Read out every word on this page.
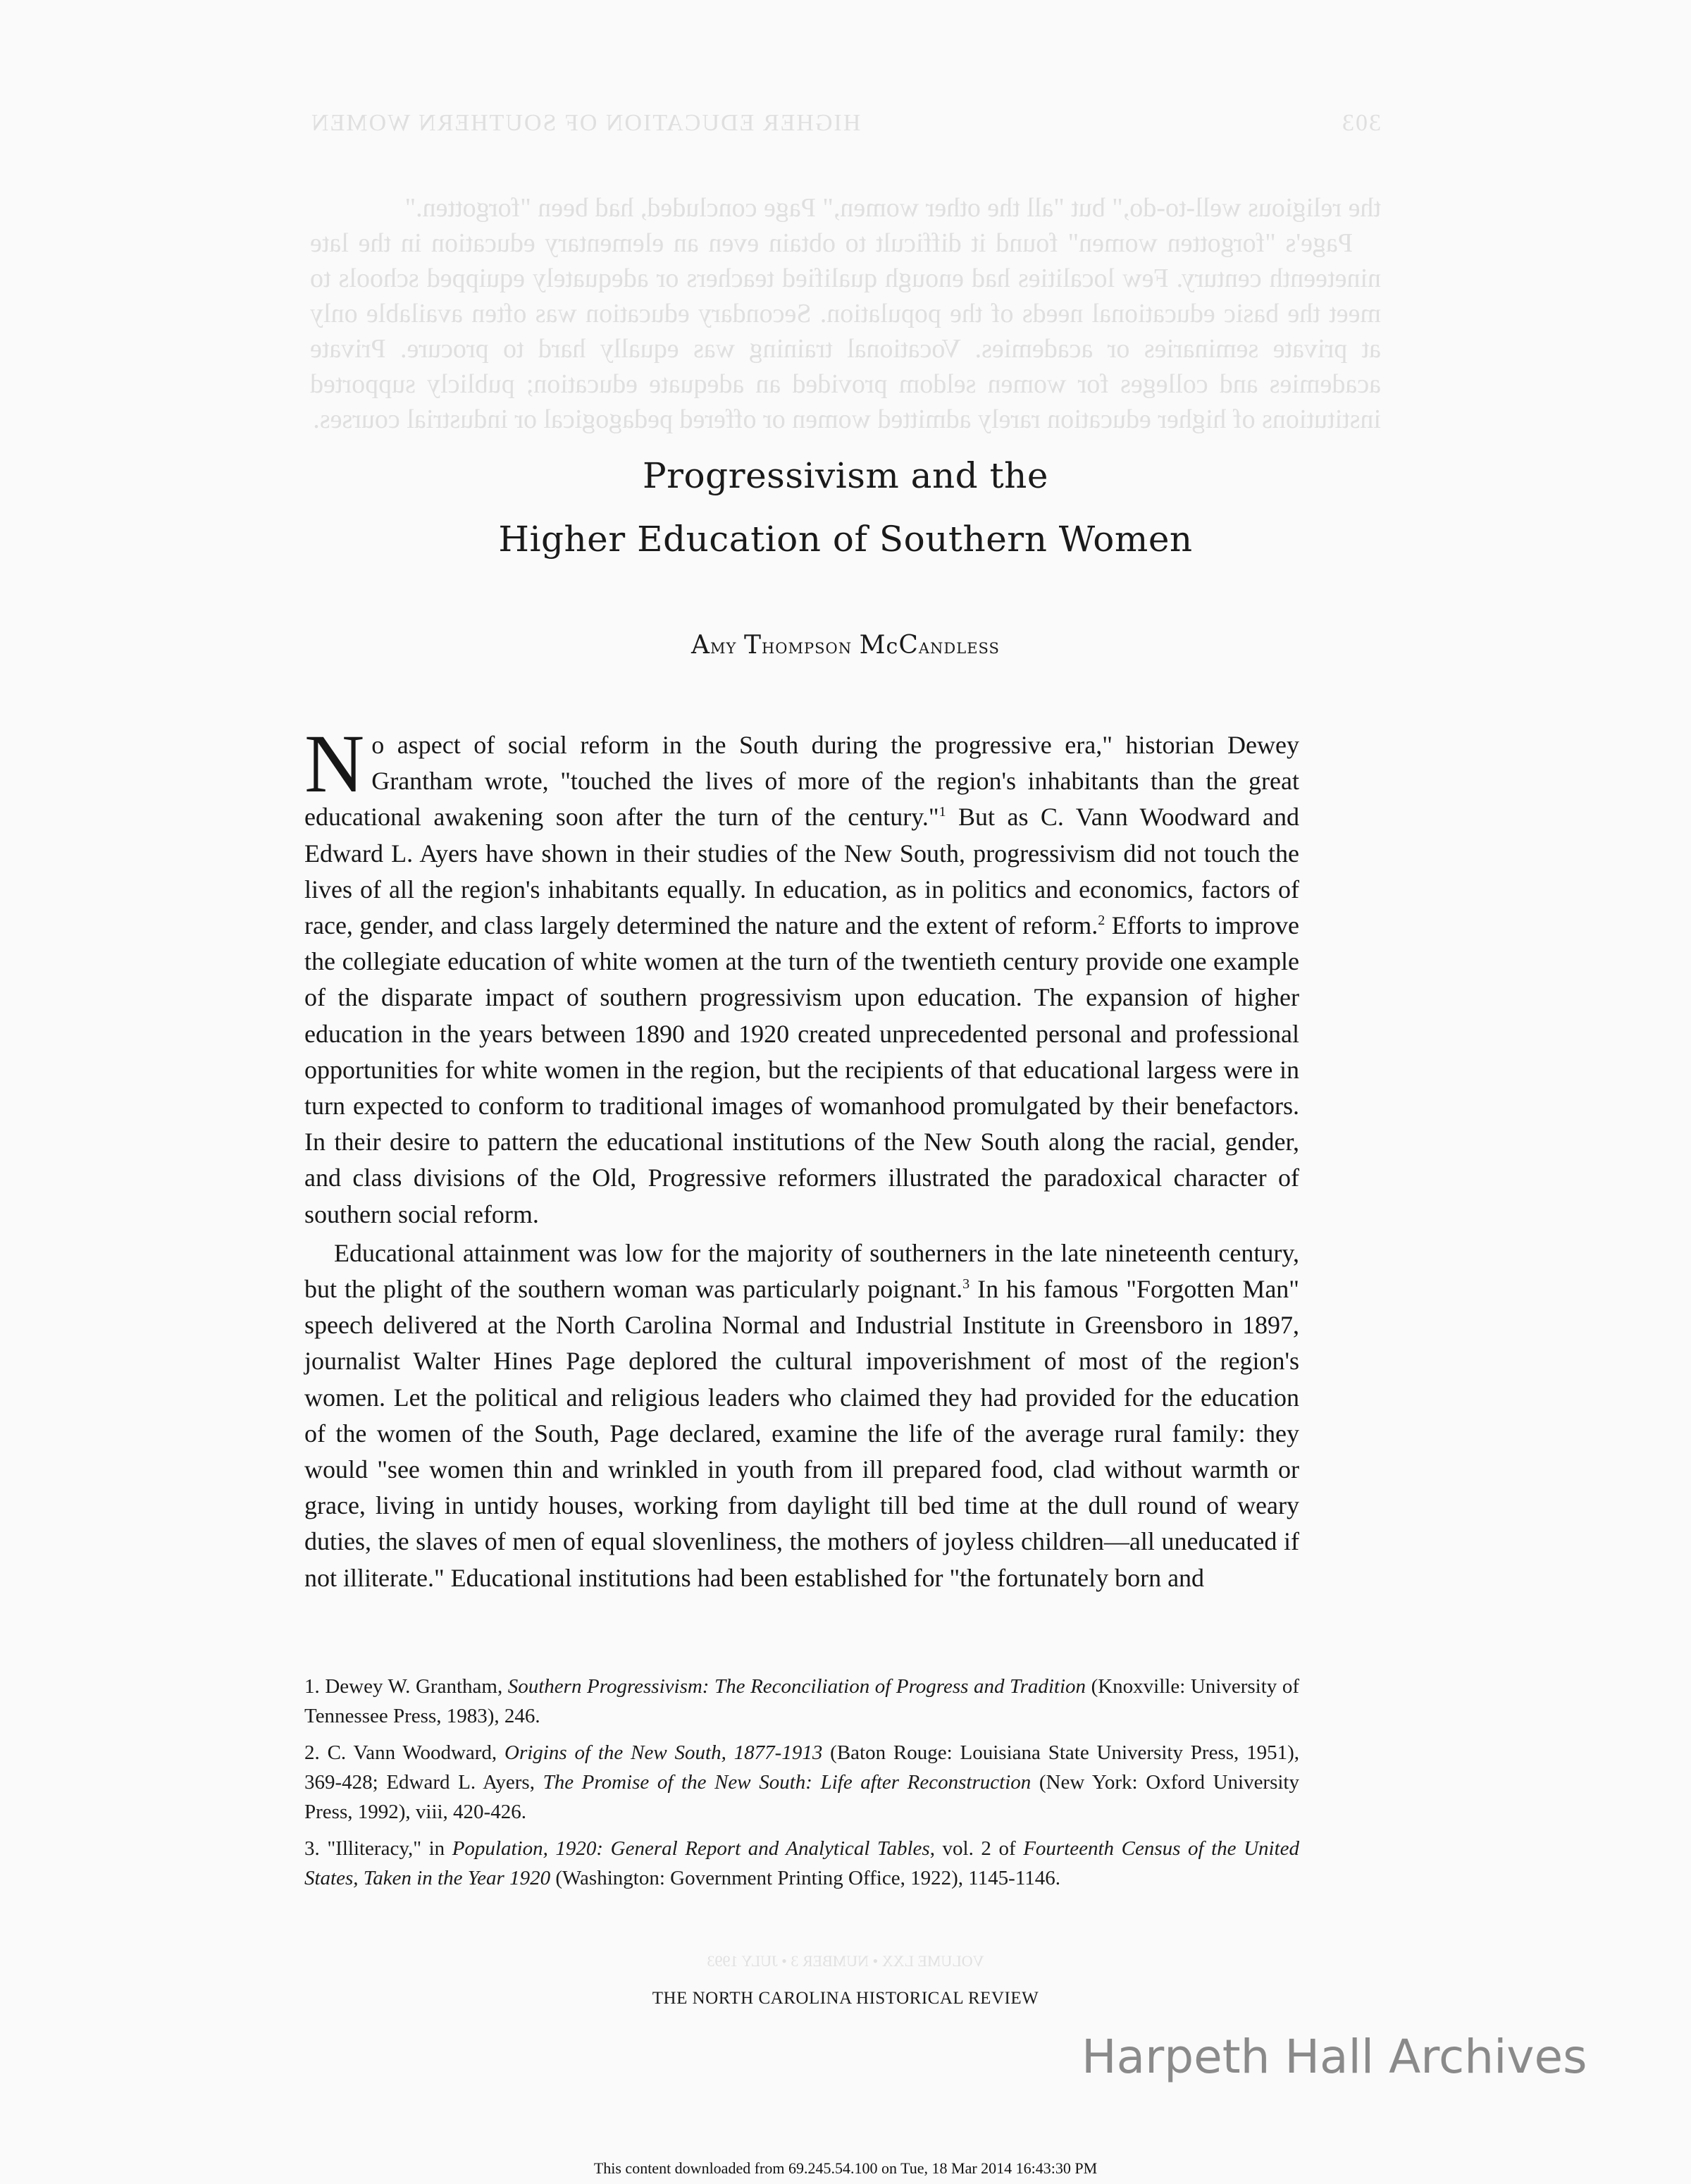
303
HIGHER EDUCATION OF SOUTHERN WOMEN

the religious well-to-do," but "all the other women," Page concluded, had been "forgotten."

Page's "forgotten women" found it difficult to obtain even an elementary education in the late nineteenth century. Few localities had enough qualified teachers or adequately equipped schools to meet the basic educational needs of the population. Secondary education was often available only at private seminaries or academies. Vocational training was equally hard to procure. Private academies and colleges for women seldom provided an adequate education; publicly supported institutions of higher education rarely admitted women or offered pedagogical or industrial courses.

VOLUME LXX • NUMBER 3 • JULY 1993
Progressivism and the
Higher Education of Southern Women
Amy Thompson McCandless

No aspect of social reform in the South during the progressive era," historian Dewey Grantham wrote, "touched the lives of more of the region's inhabitants than the great educational awakening soon after the turn of the century."$^1$ But as C. Vann Woodward and Edward L. Ayers have shown in their studies of the New South, progressivism did not touch the lives of all the region's inhabitants equally. In education, as in politics and economics, factors of race, gender, and class largely determined the nature and the extent of reform.$^2$ Efforts to improve the collegiate education of white women at the turn of the twentieth century provide one example of the disparate impact of southern progressivism upon education. The expansion of higher education in the years between 1890 and 1920 created unprecedented personal and professional opportunities for white women in the region, but the recipients of that educational largess were in turn expected to conform to traditional images of womanhood promulgated by their benefactors. In their desire to pattern the educational institutions of the New South along the racial, gender, and class divisions of the Old, Progressive reformers illustrated the paradoxical character of southern social reform.

Educational attainment was low for the majority of southerners in the late nineteenth century, but the plight of the southern woman was particularly poignant.$^3$ In his famous "Forgotten Man" speech delivered at the North Carolina Normal and Industrial Institute in Greensboro in 1897, journalist Walter Hines Page deplored the cultural impoverishment of most of the region's women. Let the political and religious leaders who claimed they had provided for the education of the women of the South, Page declared, examine the life of the average rural family: they would "see women thin and wrinkled in youth from ill prepared food, clad without warmth or grace, living in untidy houses, working from daylight till bed time at the dull round of weary duties, the slaves of men of equal slovenliness, the mothers of joyless children—all uneducated if not illiterate." Educational institutions had been established for "the fortunately born and

1. Dewey W. Grantham, Southern Progressivism: The Reconciliation of Progress and Tradition (Knoxville: University of Tennessee Press, 1983), 246.

2. C. Vann Woodward, Origins of the New South, 1877-1913 (Baton Rouge: Louisiana State University Press, 1951), 369-428; Edward L. Ayers, The Promise of the New South: Life after Reconstruction (New York: Oxford University Press, 1992), viii, 420-426.

3. "Illiteracy," in Population, 1920: General Report and Analytical Tables, vol. 2 of Fourteenth Census of the United States, Taken in the Year 1920 (Washington: Government Printing Office, 1922), 1145-1146.

THE NORTH CAROLINA HISTORICAL REVIEW
Harpeth Hall Archives
This content downloaded from 69.245.54.100 on Tue, 18 Mar 2014 16:43:30 PM
